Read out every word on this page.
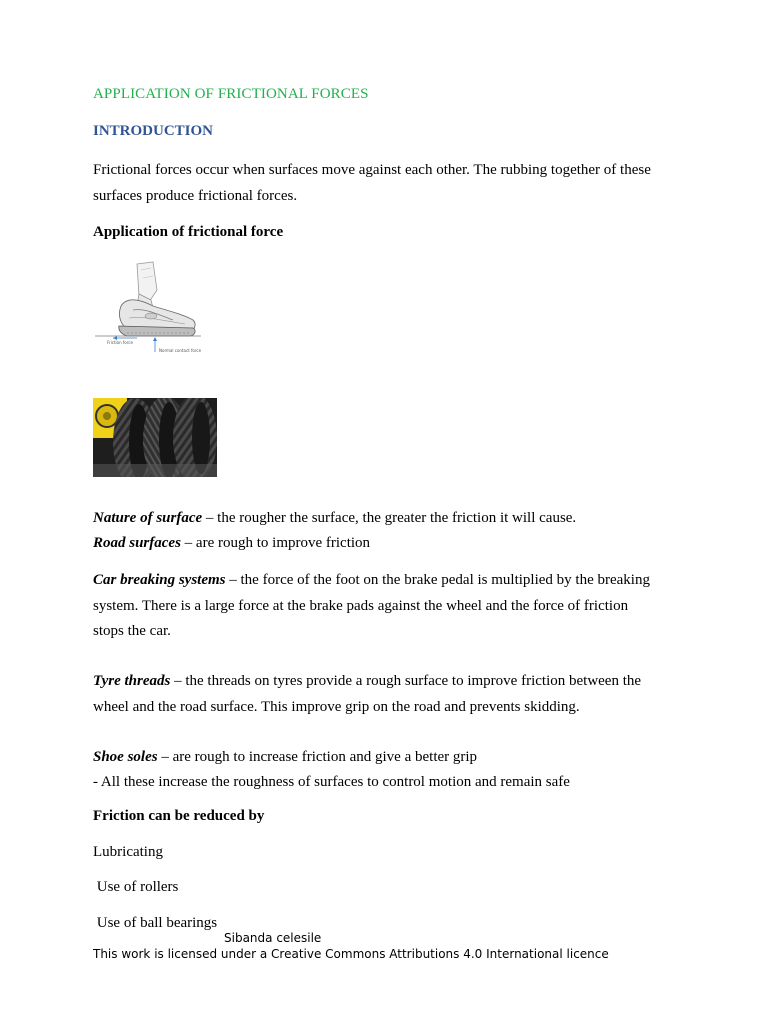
APPLICATION OF FRICTIONAL FORCES
INTRODUCTION
Frictional forces occur when surfaces move against each other. The rubbing together of these
surfaces produce frictional forces.
Application of frictional force
Friction force
Normal contact force
Nature of surface – the rougher the surface, the greater the friction it will cause.
Road surfaces – are rough to improve friction
Car breaking systems – the force of the foot on the brake pedal is multiplied by the breaking
system. There is a large force at the brake pads against the wheel and the force of friction
stops the car.
Tyre threads – the threads on tyres provide a rough surface to improve friction between the
wheel and the road surface. This improve grip on the road and prevents skidding.
Shoe soles – are rough to increase friction and give a better grip
- All these increase the roughness of surfaces to control motion and remain safe
Friction can be reduced by
Lubricating
Use of rollers
Use of ball bearings
Sibanda celesile
This work is licensed under a Creative Commons Attributions 4.0 International licence
